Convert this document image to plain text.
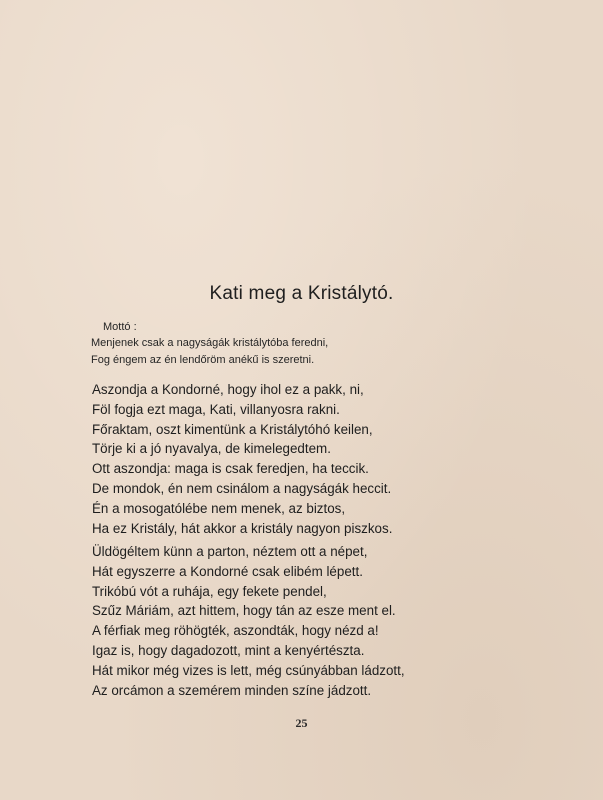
Kati meg a Kristálytó.
Mottó :
Menjenek csak a nagyságák kristálytóba feredni,
Fog éngem az én lendőröm anékű is szeretni.
Aszondja a Kondorné, hogy ihol ez a pakk, ni,
Föl fogja ezt maga, Kati, villanyosra rakni.
Főraktam, oszt kimentünk a Kristálytóhó keilen,
Törje ki a jó nyavalya, de kimelegedtem.
Ott aszondja: maga is csak feredjen, ha teccik.
De mondok, én nem csinálom a nagyságák heccit.
Én a mosogatólébe nem menek, az biztos,
Ha ez Kristály, hát akkor a kristály nagyon piszkos.
Üldögéltem künn a parton, néztem ott a népet,
Hát egyszerre a Kondorné csak elibém lépett.
Trikóbú vót a ruhája, egy fekete pendel,
Szűz Máriám, azt hittem, hogy tán az esze ment el.
A férfiak meg röhögték, aszondták, hogy nézd a!
Igaz is, hogy dagadozott, mint a kenyértészta.
Hát mikor még vizes is lett, még csúnyábban ládzott,
Az orcámon a szemérem minden színe jádzott.
25
